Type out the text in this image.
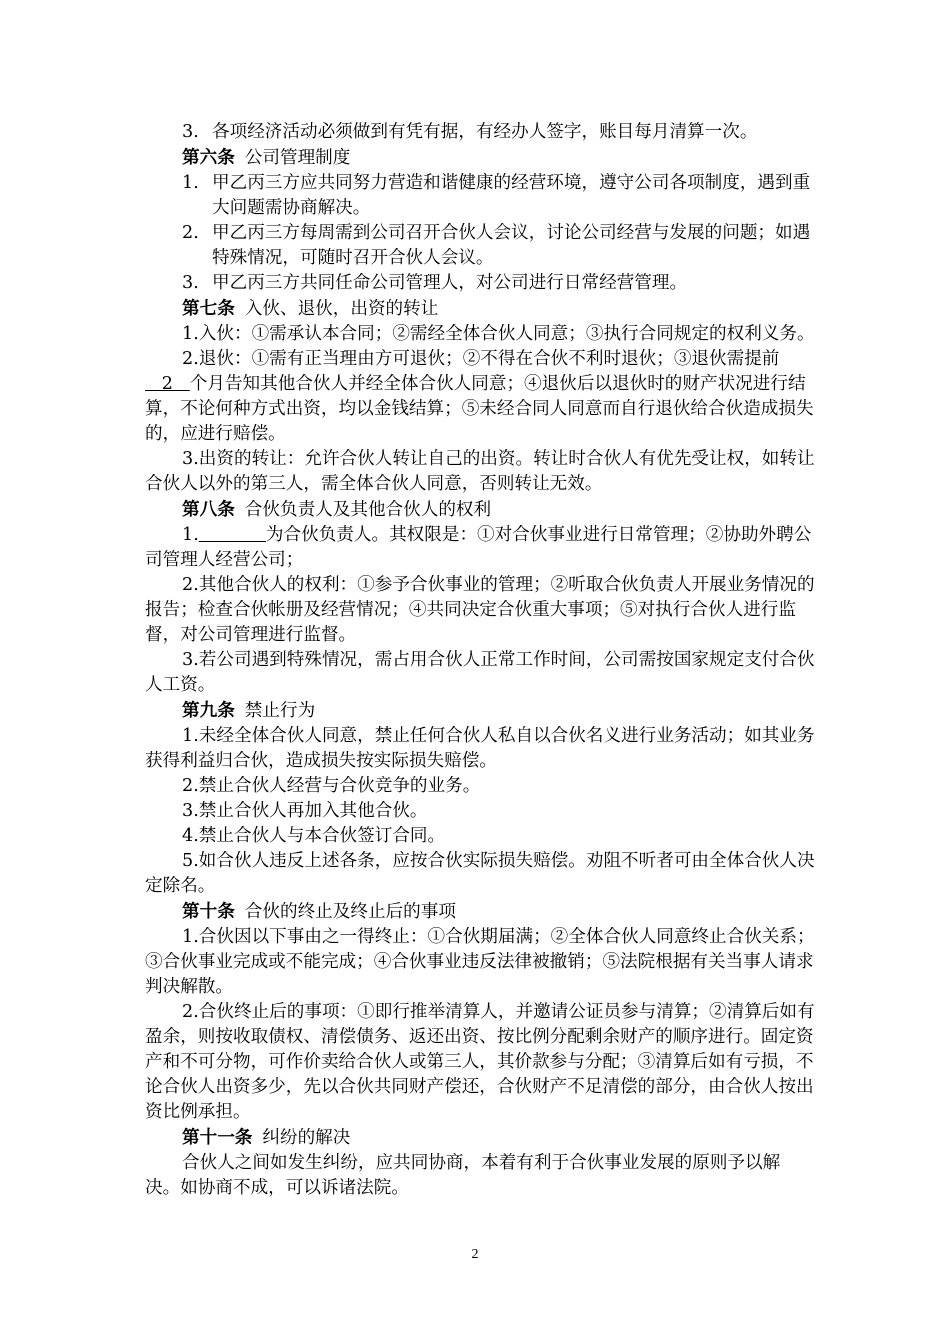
3. 各项经济活动必须做到有凭有据，有经办人签字，账目每月清算一次。

第六条 公司管理制度

1. 甲乙丙三方应共同努力营造和谐健康的经营环境，遵守公司各项制度，遇到重大问题需协商解决。
2. 甲乙丙三方每周需到公司召开合伙人会议，讨论公司经营与发展的问题；如遇特殊情况，可随时召开合伙人会议。
3. 甲乙丙三方共同任命公司管理人，对公司进行日常经营管理。

第七条 入伙、退伙，出资的转让

1.入伙：①需承认本合同；②需经全体合伙人同意；③执行合同规定的权利义务。

2.退伙：①需有正当理由方可退伙；②不得在合伙不利时退伙；③退伙需提前   2   个月告知其他合伙人并经全体合伙人同意；④退伙后以退伙时的财产状况进行结算，不论何种方式出资，均以金钱结算；⑤未经合同人同意而自行退伙给合伙造成损失的，应进行赔偿。

3.出资的转让：允许合伙人转让自己的出资。转让时合伙人有优先受让权，如转让合伙人以外的第三人，需全体合伙人同意，否则转让无效。

第八条 合伙负责人及其他合伙人的权利

1.	为合伙负责人。其权限是：①对合伙事业进行日常管理；②协助外聘公司管理人经营公司；

2.其他合伙人的权利：①参予合伙事业的管理；②听取合伙负责人开展业务情况的报告；检查合伙帐册及经营情况；④共同决定合伙重大事项；⑤对执行合伙人进行监督，对公司管理进行监督。

3.若公司遇到特殊情况，需占用合伙人正常工作时间，公司需按国家规定支付合伙人工资。

第九条 禁止行为

1.未经全体合伙人同意，禁止任何合伙人私自以合伙名义进行业务活动；如其业务获得利益归合伙，造成损失按实际损失赔偿。

2.禁止合伙人经营与合伙竞争的业务。

3.禁止合伙人再加入其他合伙。

4.禁止合伙人与本合伙签订合同。

5.如合伙人违反上述各条，应按合伙实际损失赔偿。劝阻不听者可由全体合伙人决定除名。

第十条 合伙的终止及终止后的事项

1.合伙因以下事由之一得终止：①合伙期届满；②全体合伙人同意终止合伙关系；③合伙事业完成或不能完成；④合伙事业违反法律被撤销；⑤法院根据有关当事人请求判决解散。

2.合伙终止后的事项：①即行推举清算人，并邀请公证员参与清算；②清算后如有盈余，则按收取债权、清偿债务、返还出资、按比例分配剩余财产的顺序进行。固定资产和不可分物，可作价卖给合伙人或第三人，其价款参与分配；③清算后如有亏损，不论合伙人出资多少，先以合伙共同财产偿还，合伙财产不足清偿的部分，由合伙人按出资比例承担。

第十一条 纠纷的解决

合伙人之间如发生纠纷，应共同协商，本着有利于合伙事业发展的原则予以解决。如协商不成，可以诉诸法院。

2
